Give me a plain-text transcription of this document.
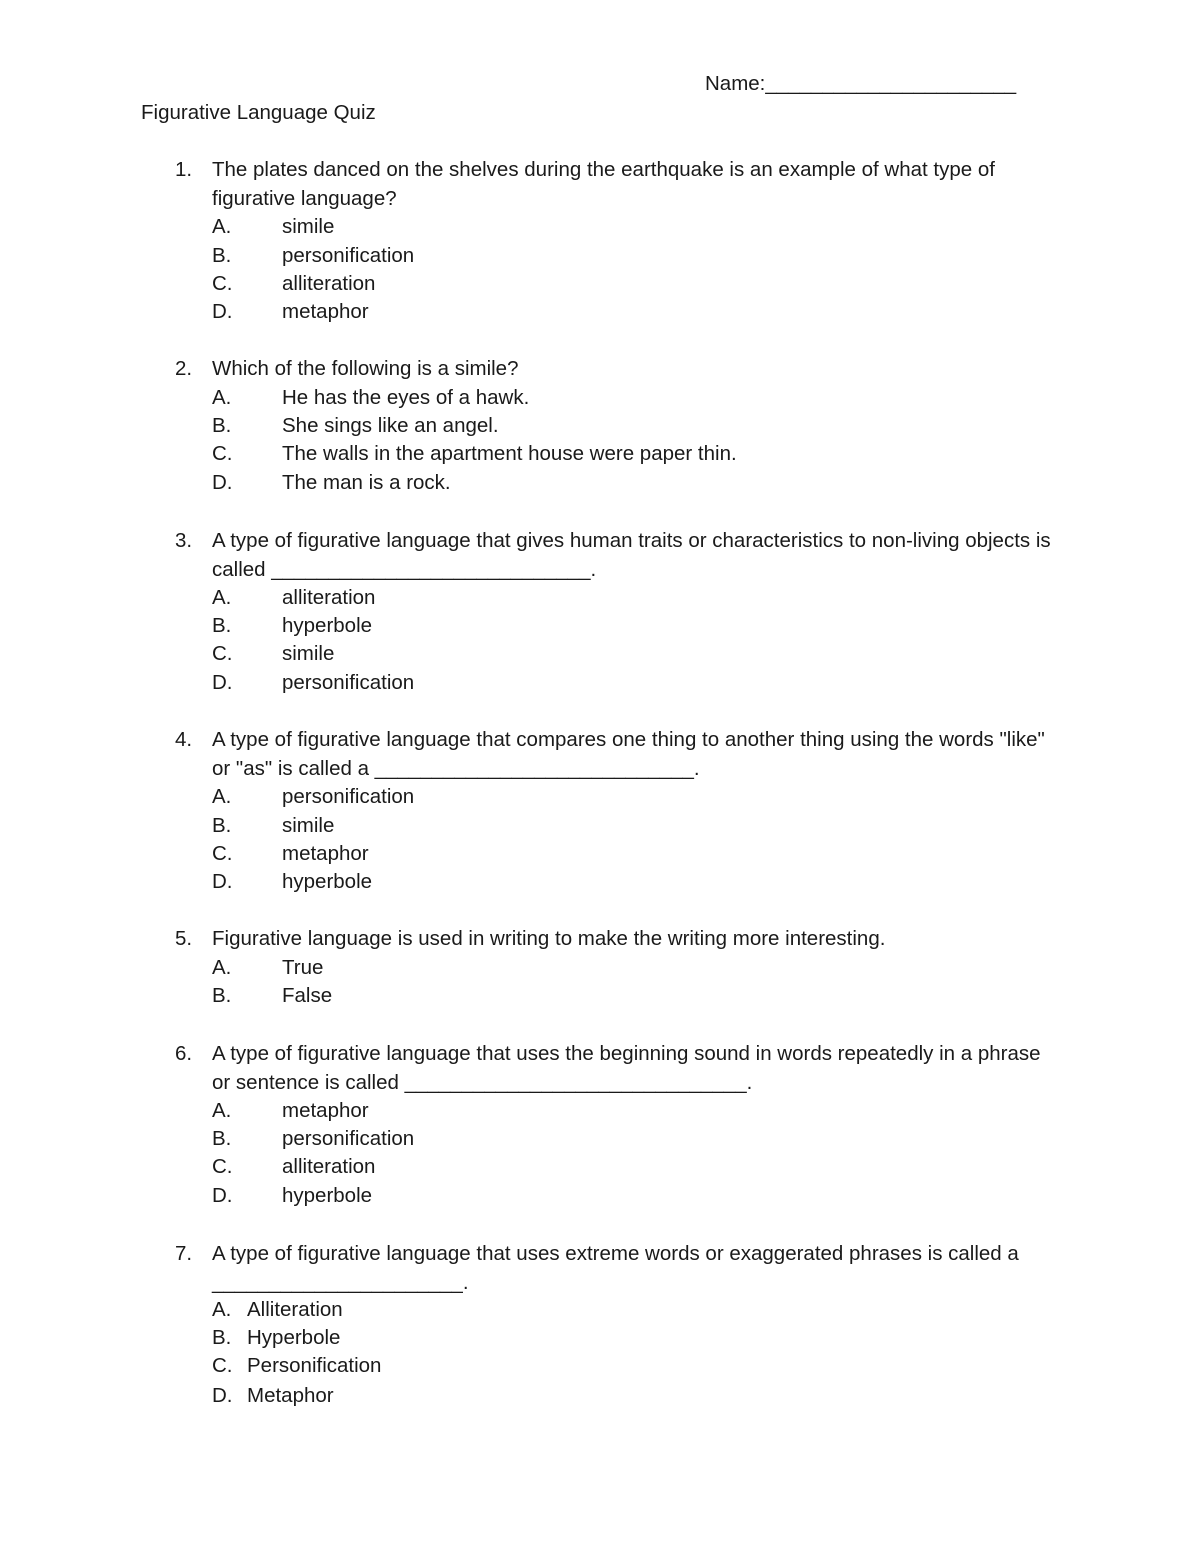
Name:______________________
Figurative Language Quiz
1. The plates danced on the shelves during the earthquake is an example of what type of figurative language?
A. simile
B. personification
C. alliteration
D. metaphor
2. Which of the following is a simile?
A. He has the eyes of a hawk.
B. She sings like an angel.
C. The walls in the apartment house were paper thin.
D. The man is a rock.
3. A type of figurative language that gives human traits or characteristics to non-living objects is called ____________________________.
A. alliteration
B. hyperbole
C. simile
D. personification
4. A type of figurative language that compares one thing to another thing using the words "like" or "as" is called a ____________________________.
A. personification
B. simile
C. metaphor
D. hyperbole
5. Figurative language is used in writing to make the writing more interesting.
A. True
B. False
6. A type of figurative language that uses the beginning sound in words repeatedly in a phrase or sentence is called ______________________________.
A. metaphor
B. personification
C. alliteration
D. hyperbole
7. A type of figurative language that uses extreme words or exaggerated phrases is called a ______________________.
A. Alliteration
B. Hyperbole
C. Personification
D. Metaphor
